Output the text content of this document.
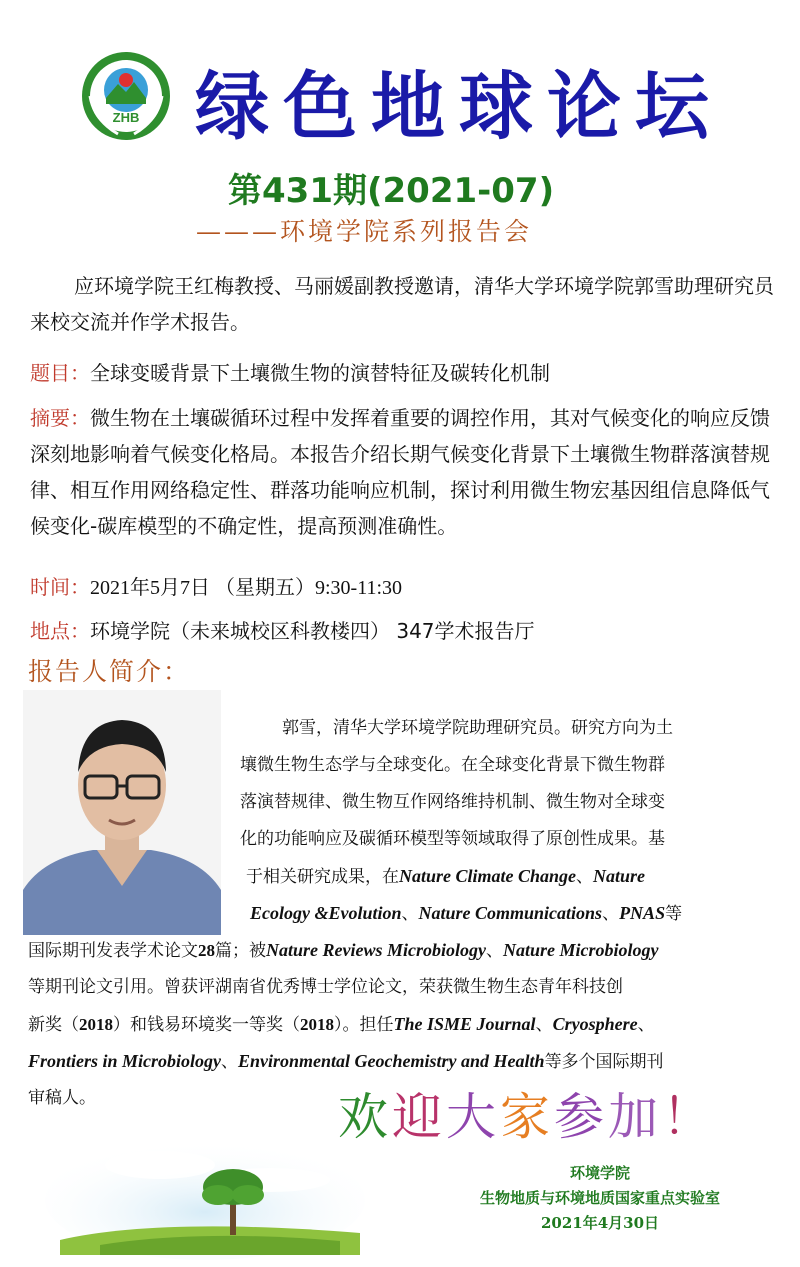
ZHB 绿色地球论坛
第431期(2021-07)
———环境学院系列报告会
应环境学院王红梅教授、马丽媛副教授邀请，清华大学环境学院郭雪助理研究员来校交流并作学术报告。
题目：全球变暖背景下土壤微生物的演替特征及碳转化机制
摘要：微生物在土壤碳循环过程中发挥着重要的调控作用，其对气候变化的响应反馈深刻地影响着气候变化格局。本报告介绍长期气候变化背景下土壤微生物群落演替规律、相互作用网络稳定性、群落功能响应机制，探讨利用微生物宏基因组信息降低气候变化-碳库模型的不确定性，提高预测准确性。
时间：2021年5月7日 （星期五）9:30-11:30
地点：环境学院（未来城校区科教楼四） 347学术报告厅
报告人简介：
郭雪，清华大学环境学院助理研究员。研究方向为土
壤微生物生态学与全球变化。在全球变化背景下微生物群
落演替规律、微生物互作网络维持机制、微生物对全球变
化的功能响应及碳循环模型等领域取得了原创性成果。基
于相关研究成果，在Nature Climate Change、Nature
Ecology &Evolution、Nature Communications、PNAS等
国际期刊发表学术论文28篇；被Nature Reviews Microbiology、Nature Microbiology
等期刊论文引用。曾获评湖南省优秀博士学位论文，荣获微生物生态青年科技创
新奖（2018）和钱易环境奖一等奖（2018）。担任The ISME Journal、Cryosphere、
Frontiers in Microbiology、Environmental Geochemistry and Health等多个国际期刊
审稿人。	欢迎大家参加！
环境学院
生物地质与环境地质国家重点实验室
2021年4月30日
